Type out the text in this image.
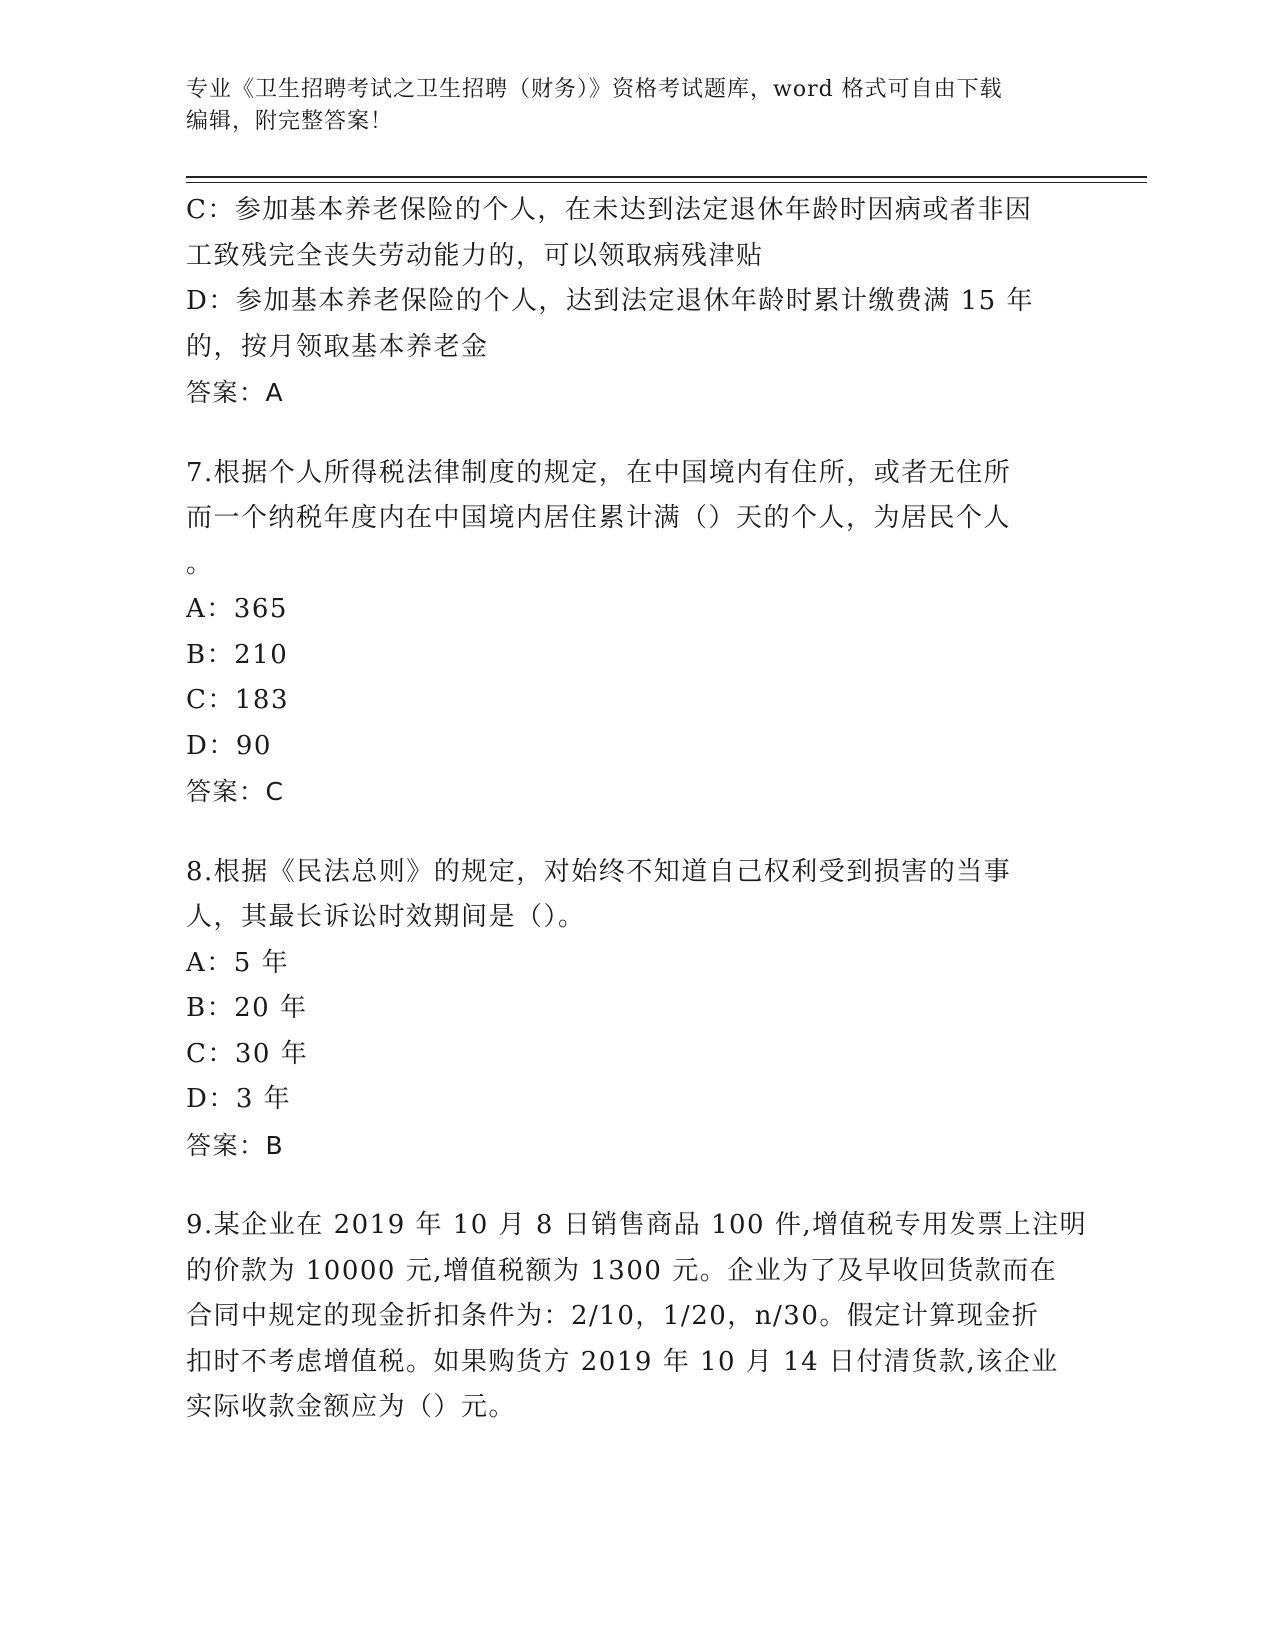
专业《卫生招聘考试之卫生招聘（财务）》资格考试题库，word 格式可自由下载
编辑，附完整答案！
C：参加基本养老保险的个人，在未达到法定退休年龄时因病或者非因
工致残完全丧失劳动能力的，可以领取病残津贴
D：参加基本养老保险的个人，达到法定退休年龄时累计缴费满 15 年
的，按月领取基本养老金
答案：A
7.根据个人所得税法律制度的规定，在中国境内有住所，或者无住所
而一个纳税年度内在中国境内居住累计满（）天的个人，为居民个人
。
A：365
B：210
C：183
D：90
答案：C
8.根据《民法总则》的规定，对始终不知道自己权利受到损害的当事
人，其最长诉讼时效期间是（）。
A：5 年
B：20 年
C：30 年
D：3 年
答案：B
9.某企业在 2019 年 10 月 8 日销售商品 100 件,增值税专用发票上注明
的价款为 10000 元,增值税额为 1300 元。企业为了及早收回货款而在
合同中规定的现金折扣条件为：2/10，1/20，n/30。假定计算现金折
扣时不考虑增值税。如果购货方 2019 年 10 月 14 日付清货款,该企业
实际收款金额应为（）元。
